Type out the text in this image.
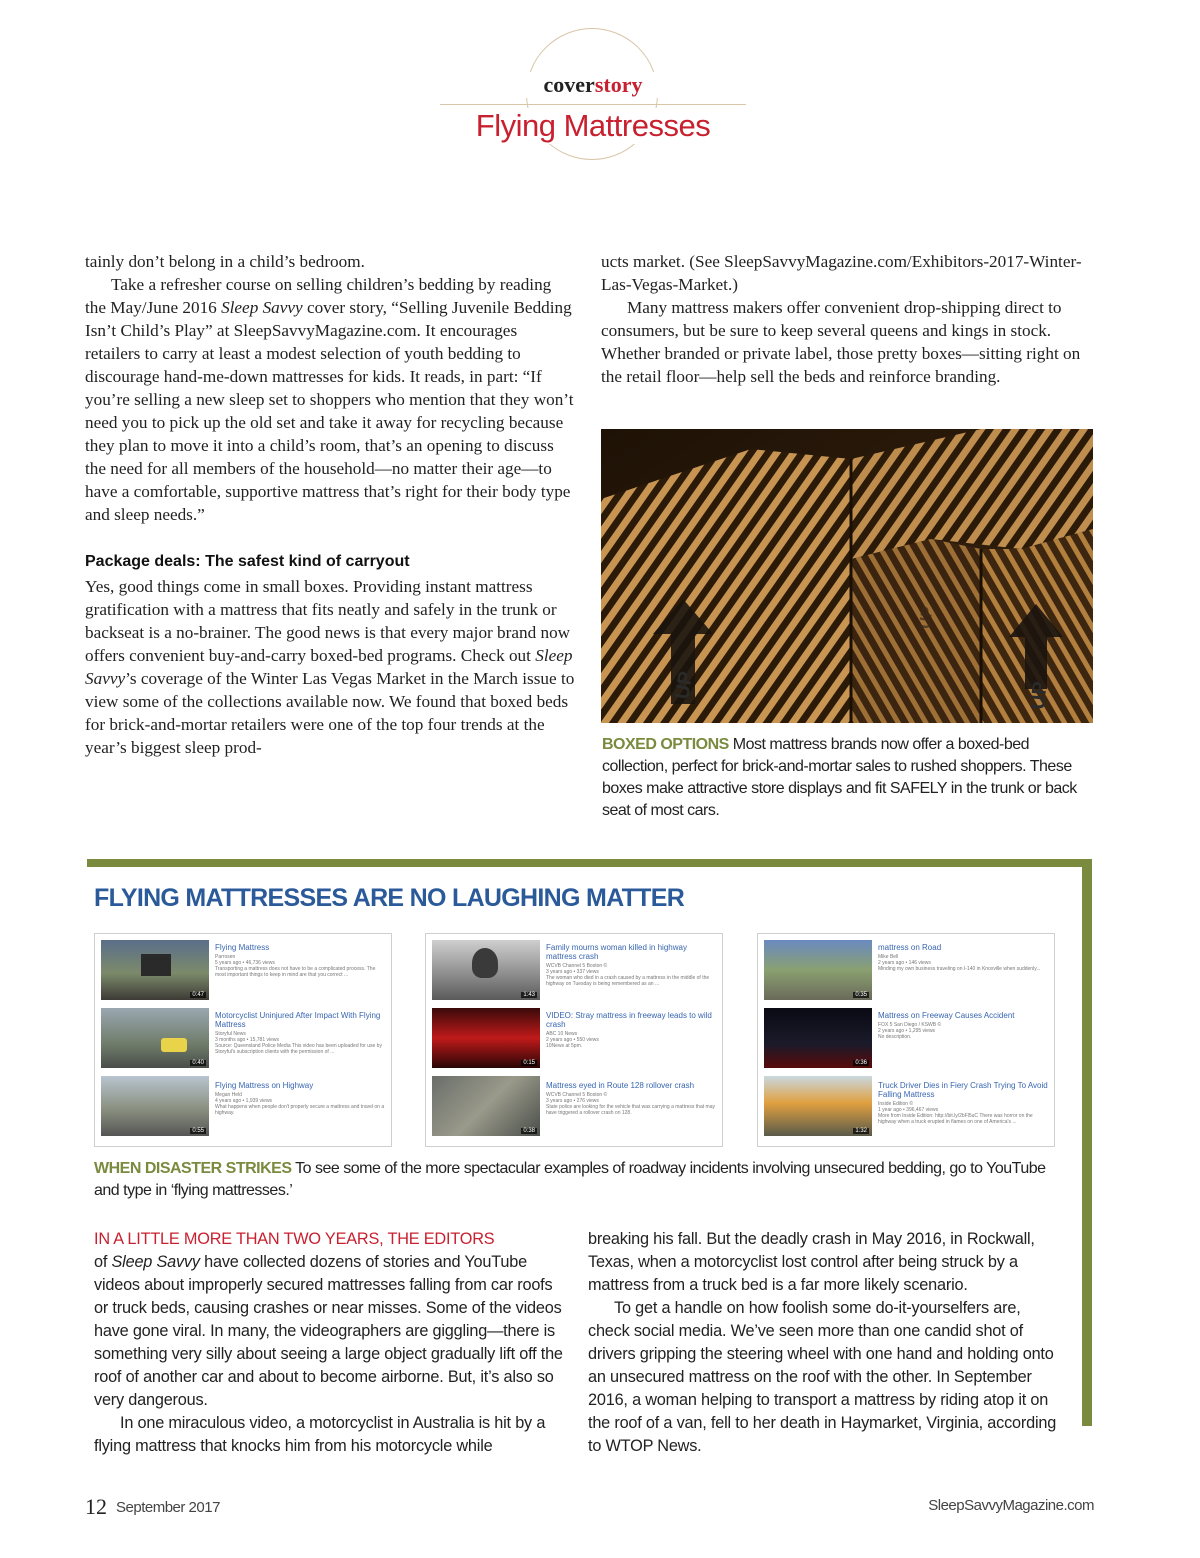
coverstory
Flying Mattresses

tainly don’t belong in a child’s bedroom.

Take a refresher course on selling children’s bedding by reading the May/June 2016 Sleep Savvy cover story, “Selling Juvenile Bedding Isn’t Child’s Play” at SleepSavvyMagazine.com. It encourages retailers to carry at least a modest selection of youth bedding to discourage hand-me-down mattresses for kids. It reads, in part: “If you’re selling a new sleep set to shoppers who mention that they won’t need you to pick up the old set and take it away for recycling because they plan to move it into a child’s room, that’s an opening to discuss the need for all members of the household—no matter their age—to have a comfortable, supportive mattress that’s right for their body type and sleep needs.”

Package deals: The safest kind of carryout

Yes, good things come in small boxes. Providing instant mattress gratification with a mattress that fits neatly and safely in the trunk or backseat is a no-brainer. The good news is that every major brand now offers convenient buy-and-carry boxed-bed programs. Check out Sleep Savvy’s coverage of the Winter Las Vegas Market in the March issue to view some of the collections available now. We found that boxed beds for brick-and-mortar retailers were one of the top four trends at the year’s biggest sleep prod-

ucts market. (See SleepSavvyMagazine.com/Exhibitors-2017-Winter-Las-Vegas-Market.)

Many mattress makers offer convenient drop-shipping direct to consumers, but be sure to keep several queens and kings in stock. Whether branded or private label, those pretty boxes—sitting right on the retail floor—help sell the beds and reinforce branding.

UP
UP
UP
BOXED OPTIONS Most mattress brands now offer a boxed-bed collection, perfect for brick-and-mortar sales to rushed shoppers. These boxes make attractive store displays and fit SAFELY in the trunk or back seat of most cars.
FLYING MATTRESSES ARE NO LAUGHING MATTER
0:47
Flying Mattress
Parrosen
5 years ago • 46,736 views
Transporting a mattress does not have to be a complicated process. The most important things to keep in mind are that you correct ...
0:40
Motorcyclist Uninjured After Impact With Flying Mattress
Storyful News
3 months ago • 15,781 views
Source: Queensland Police Media This video has been uploaded for use by Storyful's subscription clients with the permission of ...
0:55
Flying Mattress on Highway
Megan Held
4 years ago • 1,939 views
What happens when people don't properly secure a mattress and travel on a highway.
1:43
Family mourns woman killed in highway mattress crash
WCVB Channel 5 Boston ©
3 years ago • 337 views
The woman who died in a crash caused by a mattress in the middle of the highway on Tuesday is being remembered as an ...
0:15
VIDEO: Stray mattress in freeway leads to wild crash
ABC 10 News
2 years ago • 550 views
10News at 5pm.
0:38
Mattress eyed in Route 128 rollover crash
WCVB Channel 5 Boston ©
3 years ago • 276 views
State police are looking for the vehicle that was carrying a mattress that may have triggered a rollover crash on 128.
0:35
mattress on Road
Mike Bell
2 years ago • 146 views
Minding my own business traveling on I-140 in Knoxville when suddenly...
0:36
Mattress on Freeway Causes Accident
FOX 5 San Diego / KSWB ©
2 years ago • 1,295 views
No description.
1:32
Truck Driver Dies in Fiery Crash Trying To Avoid Falling Mattress
Inside Edition ©
1 year ago • 396,467 views
More from Inside Edition: http://bit.ly/2bFl5uC There was horror on the highway when a truck erupted in flames on one of America's ...
WHEN DISASTER STRIKES To see some of the more spectacular examples of roadway incidents involving unsecured bedding, go to YouTube and type in ‘flying mattresses.’

IN A LITTLE MORE THAN TWO YEARS, THE EDITORS
of Sleep Savvy have collected dozens of stories and YouTube videos about improperly secured mattresses falling from car roofs or truck beds, causing crashes or near misses. Some of the videos have gone viral. In many, the videographers are giggling—there is something very silly about seeing a large object gradually lift off the roof of another car and about to become airborne. But, it’s also so very dangerous.

In one miraculous video, a motorcyclist in Australia is hit by a flying mattress that knocks him from his motorcycle while

breaking his fall. But the deadly crash in May 2016, in Rockwall, Texas, when a motorcyclist lost control after being struck by a mattress from a truck bed is a far more likely scenario.

To get a handle on how foolish some do-it-yourselfers are, check social media. We’ve seen more than one candid shot of drivers gripping the steering wheel with one hand and holding onto an unsecured mattress on the roof with the other. In September 2016, a woman helping to transport a mattress by riding atop it on the roof of a van, fell to her death in Haymarket, Virginia, according to WTOP News.

12 September 2017	SleepSavvyMagazine.com
